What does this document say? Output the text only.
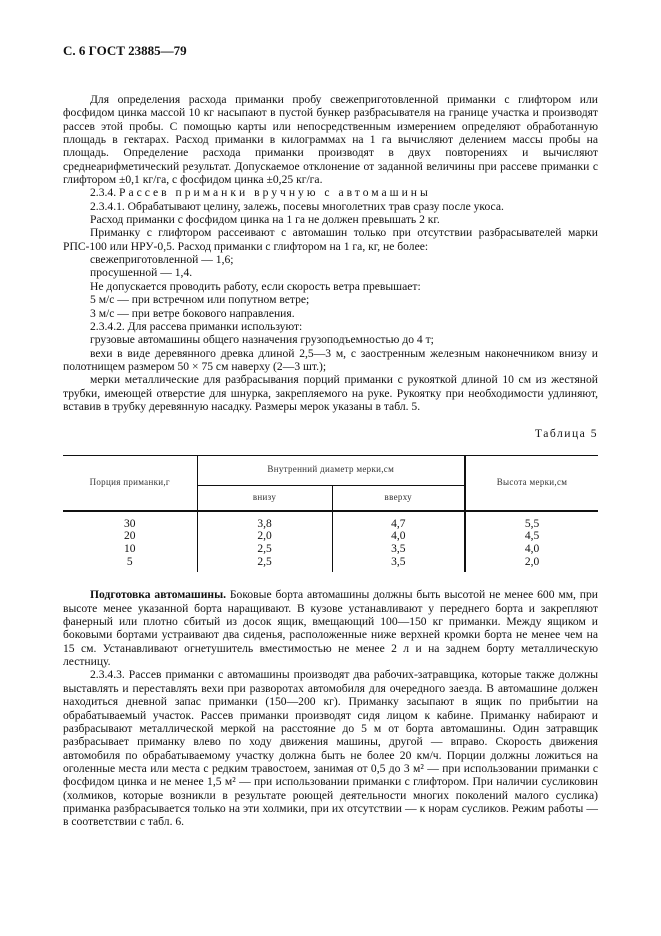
С. 6 ГОСТ 23885—79

Для определения расхода приманки пробу свежеприготовленной приманки с глифтором или фосфидом цинка массой 10 кг насыпают в пустой бункер разбрасывателя на границе участка и производят рассев этой пробы. С помощью карты или непосредственным измерением определяют обработанную площадь в гектарах. Расход приманки в килограммах на 1 га вычисляют делением массы пробы на площадь. Определение расхода приманки производят в двух повторениях и вычисляют среднеарифметический результат. Допускаемое отклонение от заданной величины при рассеве приманки с глифтором ±0,1 кг/га, с фосфидом цинка ±0,25 кг/га.

2.3.4. Рассев приманки вручную с автомашины

2.3.4.1. Обрабатывают целину, залежь, посевы многолетних трав сразу после укоса.

Расход приманки с фосфидом цинка на 1 га не должен превышать 2 кг.

Приманку с глифтором рассеивают с автомашин только при отсутствии разбрасывателей марки РПС-100 или НРУ-0,5. Расход приманки с глифтором на 1 га, кг, не более:

свежеприготовленной — 1,6;

просушенной — 1,4.

Не допускается проводить работу, если скорость ветра превышает:

5 м/с — при встречном или попутном ветре;

3 м/с — при ветре бокового направления.

2.3.4.2. Для рассева приманки используют:

грузовые автомашины общего назначения грузоподъемностью до 4 т;

вехи в виде деревянного древка длиной 2,5—3 м, с заостренным железным наконечником внизу и полотнищем размером 50 × 75 см наверху (2—3 шт.);

мерки металлические для разбрасывания порций приманки с рукояткой длиной 10 см из жестяной трубки, имеющей отверстие для шнурка, закрепляемого на руке. Рукоятку при необходимости удлиняют, вставив в трубку деревянную насадку. Размеры мерок указаны в табл. 5.

Таблица 5
Порция приманки,г	Внутренний диаметр мерки,см		Высота мерки,см
	внизу	вверху	
30	3,8	4,7	5,5
20	2,0	4,0	4,5
10	2,5	3,5	4,0
5	2,5	3,5	2,0

Подготовка автомашины. Боковые борта автомашины должны быть высотой не менее 600 мм, при высоте менее указанной борта наращивают. В кузове устанавливают у переднего борта и закрепляют фанерный или плотно сбитый из досок ящик, вмещающий 100—150 кг приманки. Между ящиком и боковыми бортами устраивают два сиденья, расположенные ниже верхней кромки борта не менее чем на 15 см. Устанавливают огнетушитель вместимостью не менее 2 л и на заднем борту металлическую лестницу.

2.3.4.3. Рассев приманки с автомашины производят два рабочих-затравщика, которые также должны выставлять и переставлять вехи при разворотах автомобиля для очередного заезда. В автомашине должен находиться дневной запас приманки (150—200 кг). Приманку засыпают в ящик по прибытии на обрабатываемый участок. Рассев приманки производят сидя лицом к кабине. Приманку набирают и разбрасывают металлической меркой на расстояние до 5 м от борта автомашины. Один затравщик разбрасывает приманку влево по ходу движения машины, другой — вправо. Скорость движения автомобиля по обрабатываемому участку должна быть не более 20 км/ч. Порции должны ложиться на оголенные места или места с редким травостоем, занимая от 0,5 до 3 м² — при использовании приманки с фосфидом цинка и не менее 1,5 м² — при использовании приманки с глифтором. При наличии сусликовин (холмиков, которые возникли в результате роющей деятельности многих поколений малого суслика) приманка разбрасывается только на эти холмики, при их отсутствии — к норам сусликов. Режим работы — в соответствии с табл. 6.
